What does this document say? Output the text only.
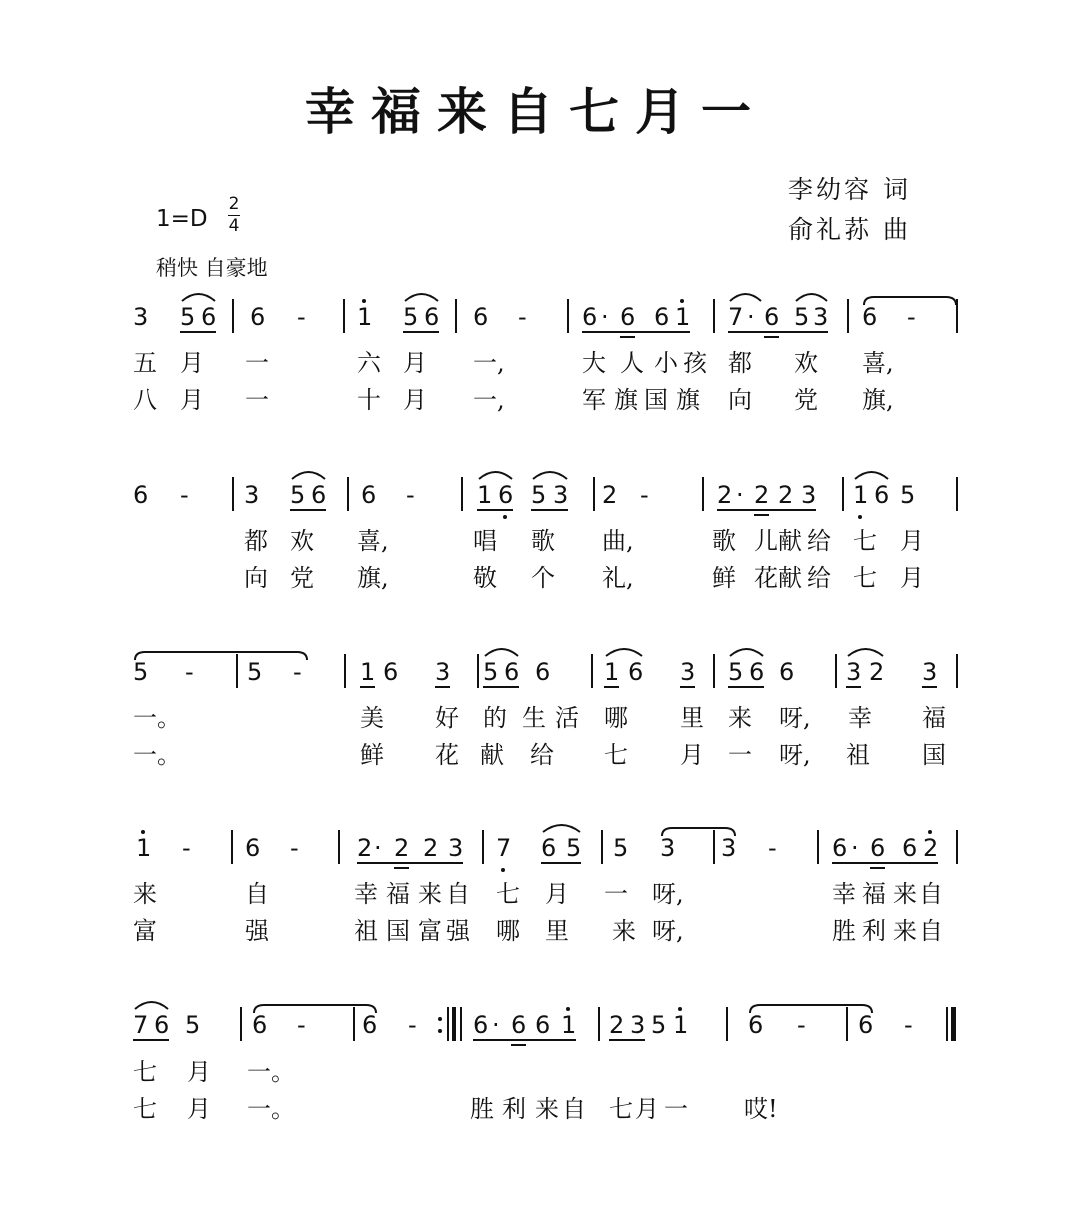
幸福来自七月一
李幼容 词
俞礼荪 曲
1=D
2
4
稍快 自豪地
3 5 6 6 - 1 5 6 6 - 6 · 6 6 1 7 · 6 5 3 6 -
五 月 一	六 月 一,	大 人 小 孩 都 欢 喜,
八 月 一	十 月 一,	军 旗 国 旗 向 党 旗,
6 - 3 5 6 6 -	1 6 5 3 2 -	2 · 2 2 3 1 6 5
都 欢 喜,	唱 歌 曲,	歌 儿 献 给 七 月
向 党 旗,	敬 个 礼,	鲜 花 献 给 七 月
5 - 5 - 1 6 3 5 6 6 1 6 3 5 6 6 3 2 3
一。	美 好 的 生 活 哪 里 来 呀, 幸 福
一。	鲜 花 献 给 七 月 一 呀, 祖 国
1 - 6 - 2 · 2 2 3 7 6 5 5 3 3 - 6 · 6 6 2
来	自	幸 福 来 自 七 月 一 呀,	幸 福 来 自
富	强	祖 国 富 强 哪 里 来 呀,	胜 利 来 自
7 6 5 6 - 6 - 6 · 6 6 1 2 3 5 1 6 - 6 -
七 月 一。
七 月 一。	胜 利 来 自 七 月 一 哎!
